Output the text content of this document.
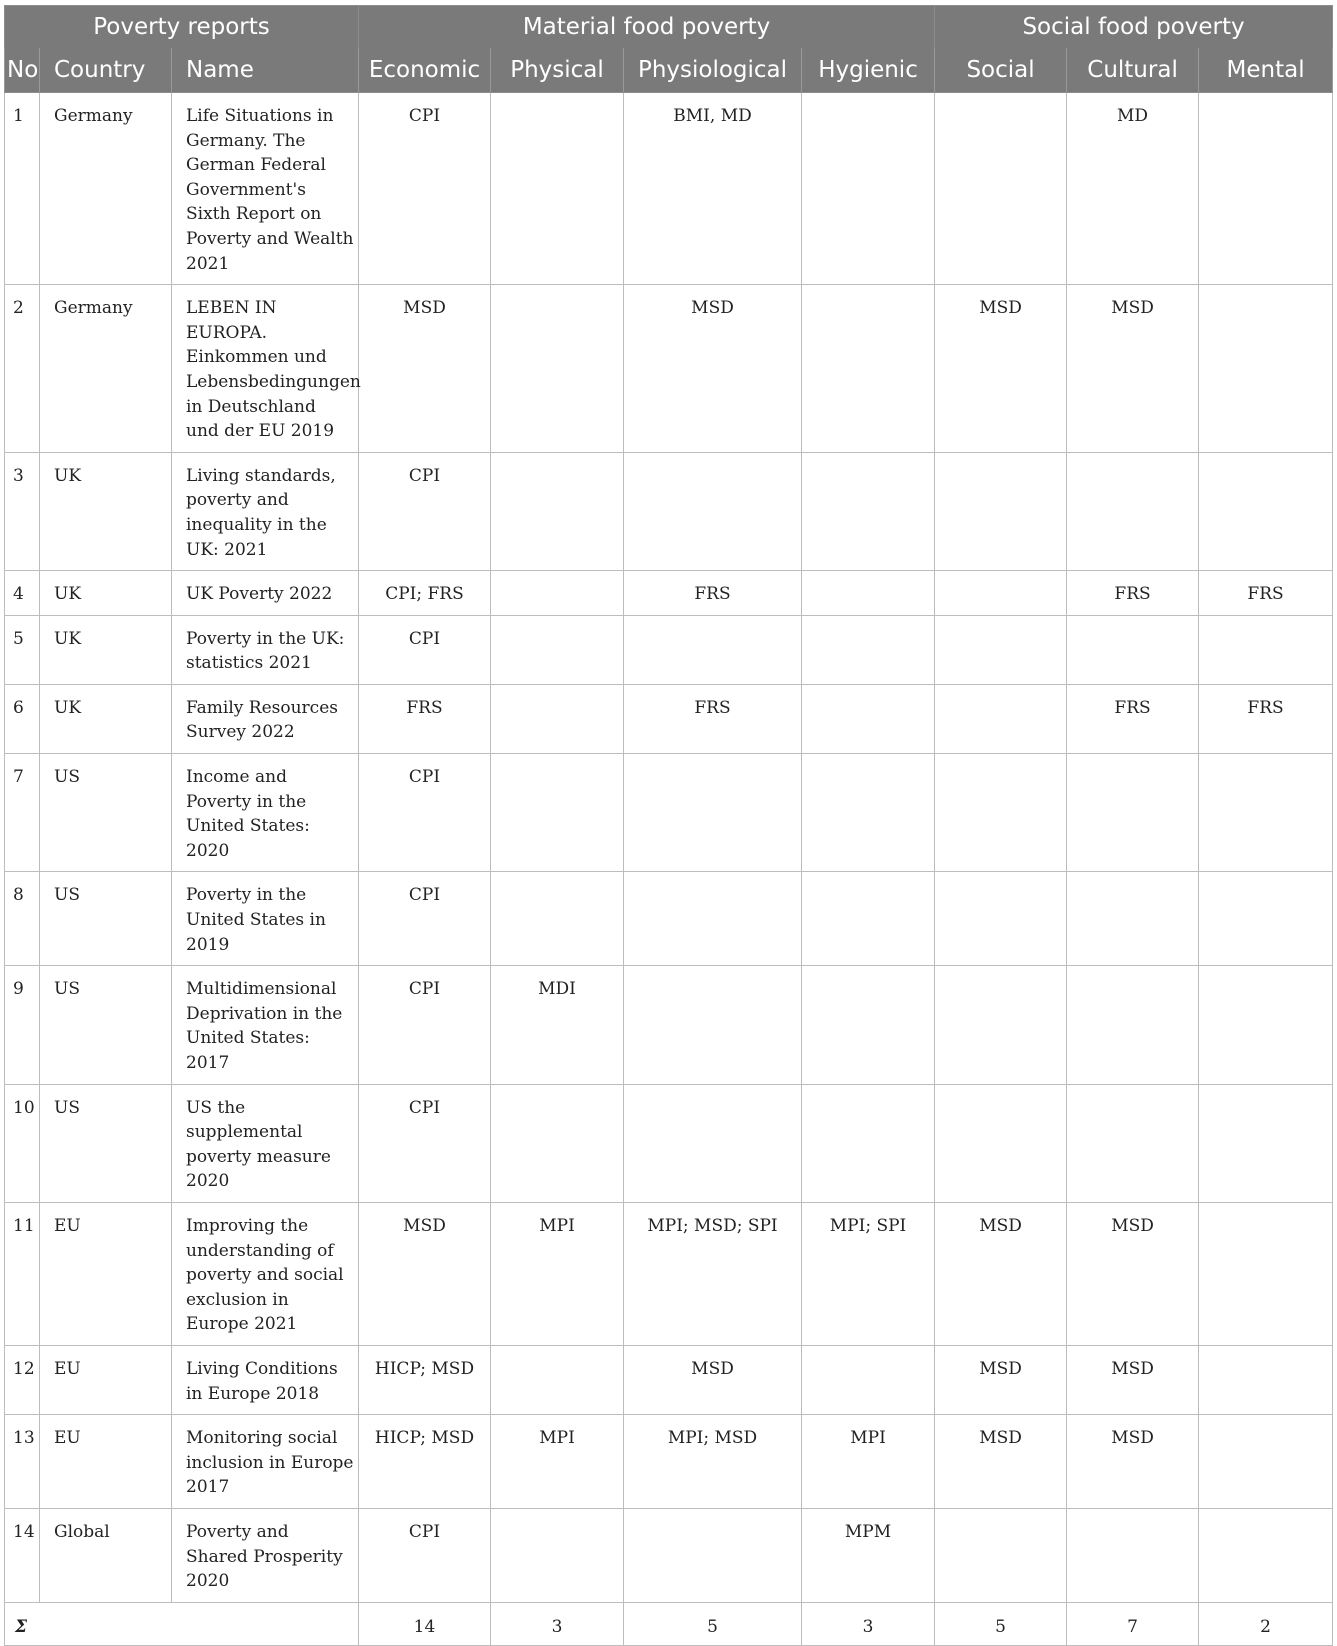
Poverty reports			Material food poverty				Social food poverty		
No	Country	Name	Economic	Physical	Physiological	Hygienic	Social	Cultural	Mental
1	Germany	Life Situations in Germany. The German Federal Government's Sixth Report on Poverty and Wealth 2021	CPI		BMI, MD			MD	
2	Germany	LEBEN IN EUROPA. Einkommen und Lebensbedingungen in Deutschland und der EU 2019	MSD		MSD		MSD	MSD	
3	UK	Living standards, poverty and inequality in the UK: 2021	CPI						
4	UK	UK Poverty 2022	CPI; FRS		FRS			FRS	FRS
5	UK	Poverty in the UK: statistics 2021	CPI						
6	UK	Family Resources Survey 2022	FRS		FRS			FRS	FRS
7	US	Income and Poverty in the United States: 2020	CPI						
8	US	Poverty in the United States in 2019	CPI						
9	US	Multidimensional Deprivation in the United States: 2017	CPI	MDI					
10	US	US the supplemental poverty measure 2020	CPI						
11	EU	Improving the understanding of poverty and social exclusion in Europe 2021	MSD	MPI	MPI; MSD; SPI	MPI; SPI	MSD	MSD	
12	EU	Living Conditions in Europe 2018	HICP; MSD		MSD		MSD	MSD	
13	EU	Monitoring social inclusion in Europe 2017	HICP; MSD	MPI	MPI; MSD	MPI	MSD	MSD	
14	Global	Poverty and Shared Prosperity 2020	CPI			MPM			
Σ			14	3	5	3	5	7	2
